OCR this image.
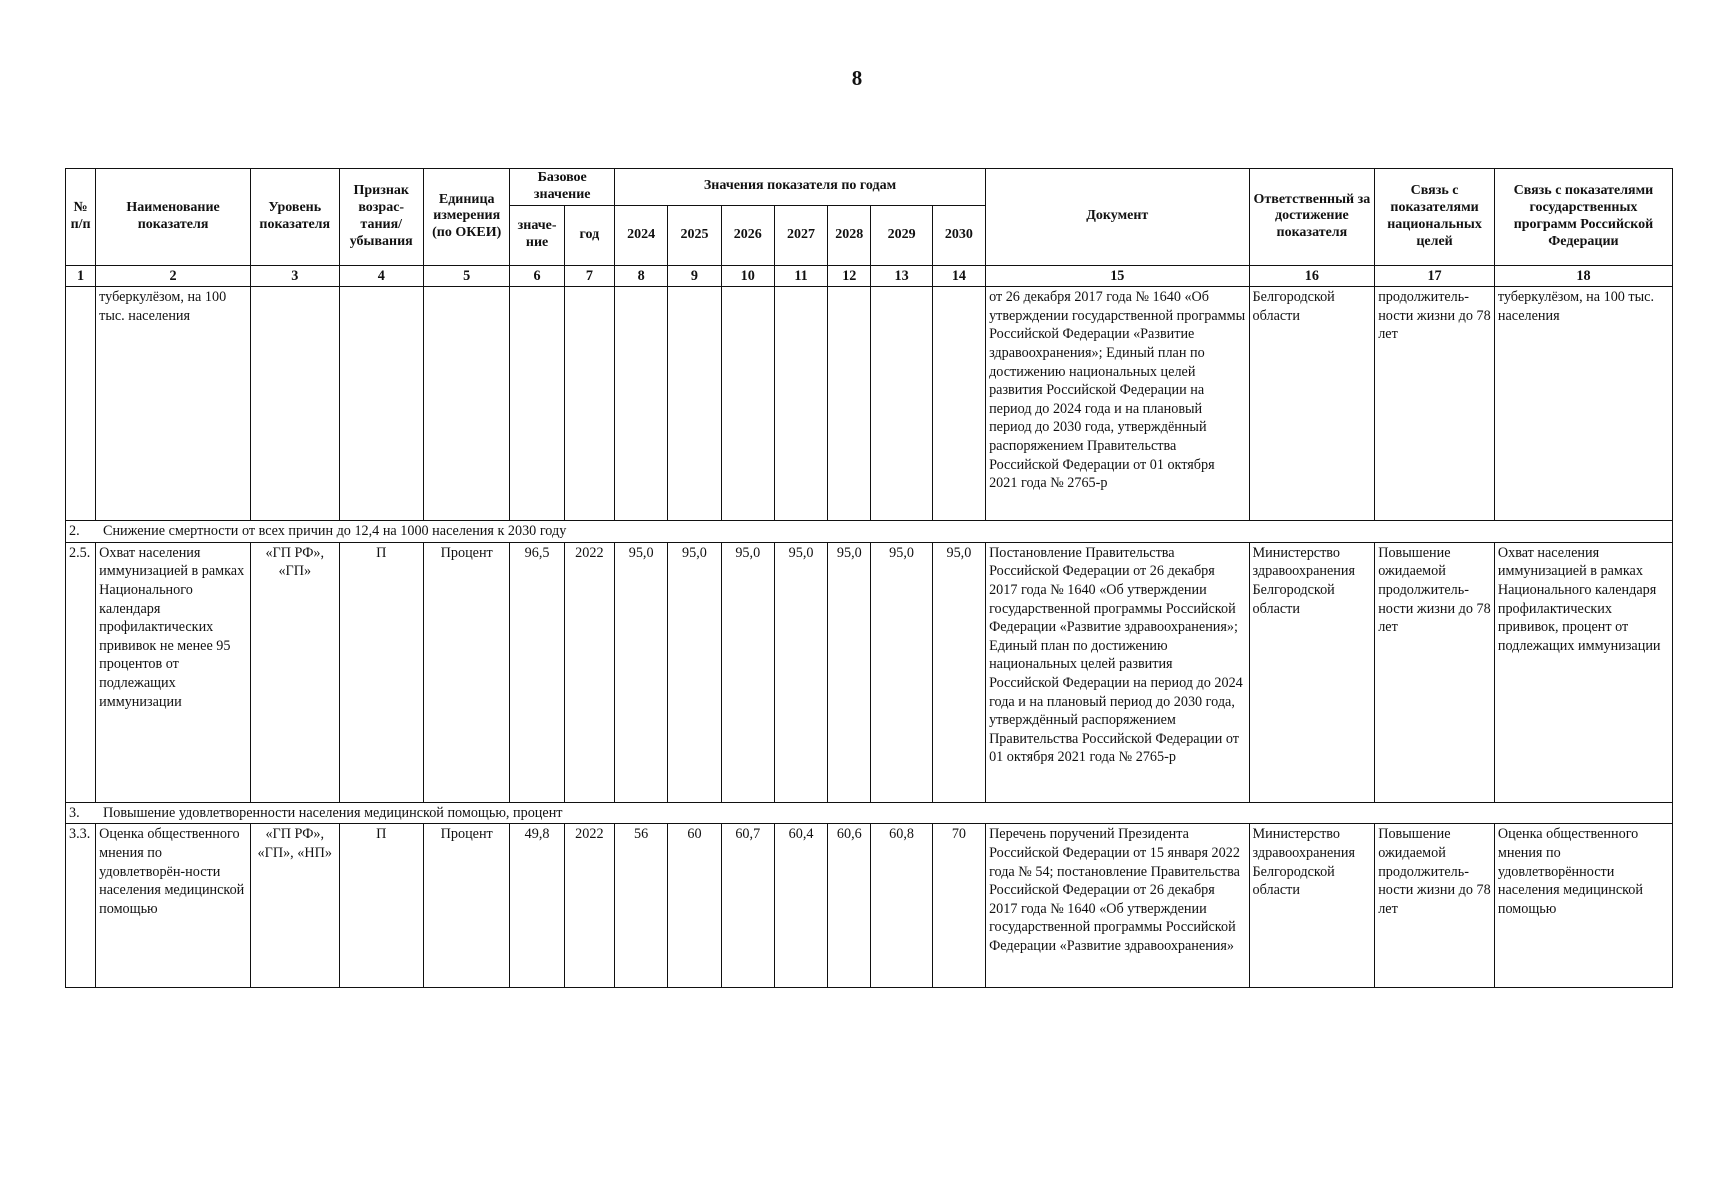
8
№ п/п	Наименование показателя	Уровень показателя	Признак возрас-тания/ убывания	Единица измерения (по ОКЕИ)	Базовое значение		Значения показателя по годам							Документ	Ответственный за достижение показателя	Связь с показателями национальных целей	Связь с показателями государственных программ Российской Федерации
					значе-ние	год	2024	2025	2026	2027	2028	2029	2030				
1	2	3	4	5	6	7	8	9	10	11	12	13	14	15	16	17	18
	туберкулёзом, на 100 тыс. населения													от 26 декабря 2017 года № 1640 «Об утверждении государственной программы Российской Федерации «Развитие здравоохранения»; Единый план по достижению национальных целей развития Российской Федерации на период до 2024 года и на плановый период до 2030 года, утверждённый распоряжением Правительства Российской Федерации от 01 октября 2021 года № 2765-р	Белгородской области	продолжитель-ности жизни до 78 лет	туберкулёзом, на 100 тыс. населения
2. Снижение смертности от всех причин до 12,4 на 1000 населения к 2030 году																	
2.5.	Охват населения иммунизацией в рамках Национального календаря профилактических прививок не менее 95 процентов от подлежащих иммунизации	«ГП РФ», «ГП»	П	Процент	96,5	2022	95,0	95,0	95,0	95,0	95,0	95,0	95,0	Постановление Правительства Российской Федерации от 26 декабря 2017 года № 1640 «Об утверждении государственной программы Российской Федерации «Развитие здравоохранения»; Единый план по достижению национальных целей развития Российской Федерации на период до 2024 года и на плановый период до 2030 года, утверждённый распоряжением Правительства Российской Федерации от 01 октября 2021 года № 2765-р	Министерство здравоохранения Белгородской области	Повышение ожидаемой продолжитель-ности жизни до 78 лет	Охват населения иммунизацией в рамках Национального календаря профилактических прививок, процент от подлежащих иммунизации
3. Повышение удовлетворенности населения медицинской помощью, процент																	
3.3.	Оценка общественного мнения по удовлетворён-ности населения медицинской помощью	«ГП РФ», «ГП», «НП»	П	Процент	49,8	2022	56	60	60,7	60,4	60,6	60,8	70	Перечень поручений Президента Российской Федерации от 15 января 2022 года № 54; постановление Правительства Российской Федерации от 26 декабря 2017 года № 1640 «Об утверждении государственной программы Российской Федерации «Развитие здравоохранения»	Министерство здравоохранения Белгородской области	Повышение ожидаемой продолжитель-ности жизни до 78 лет	Оценка общественного мнения по удовлетворённости населения медицинской помощью
